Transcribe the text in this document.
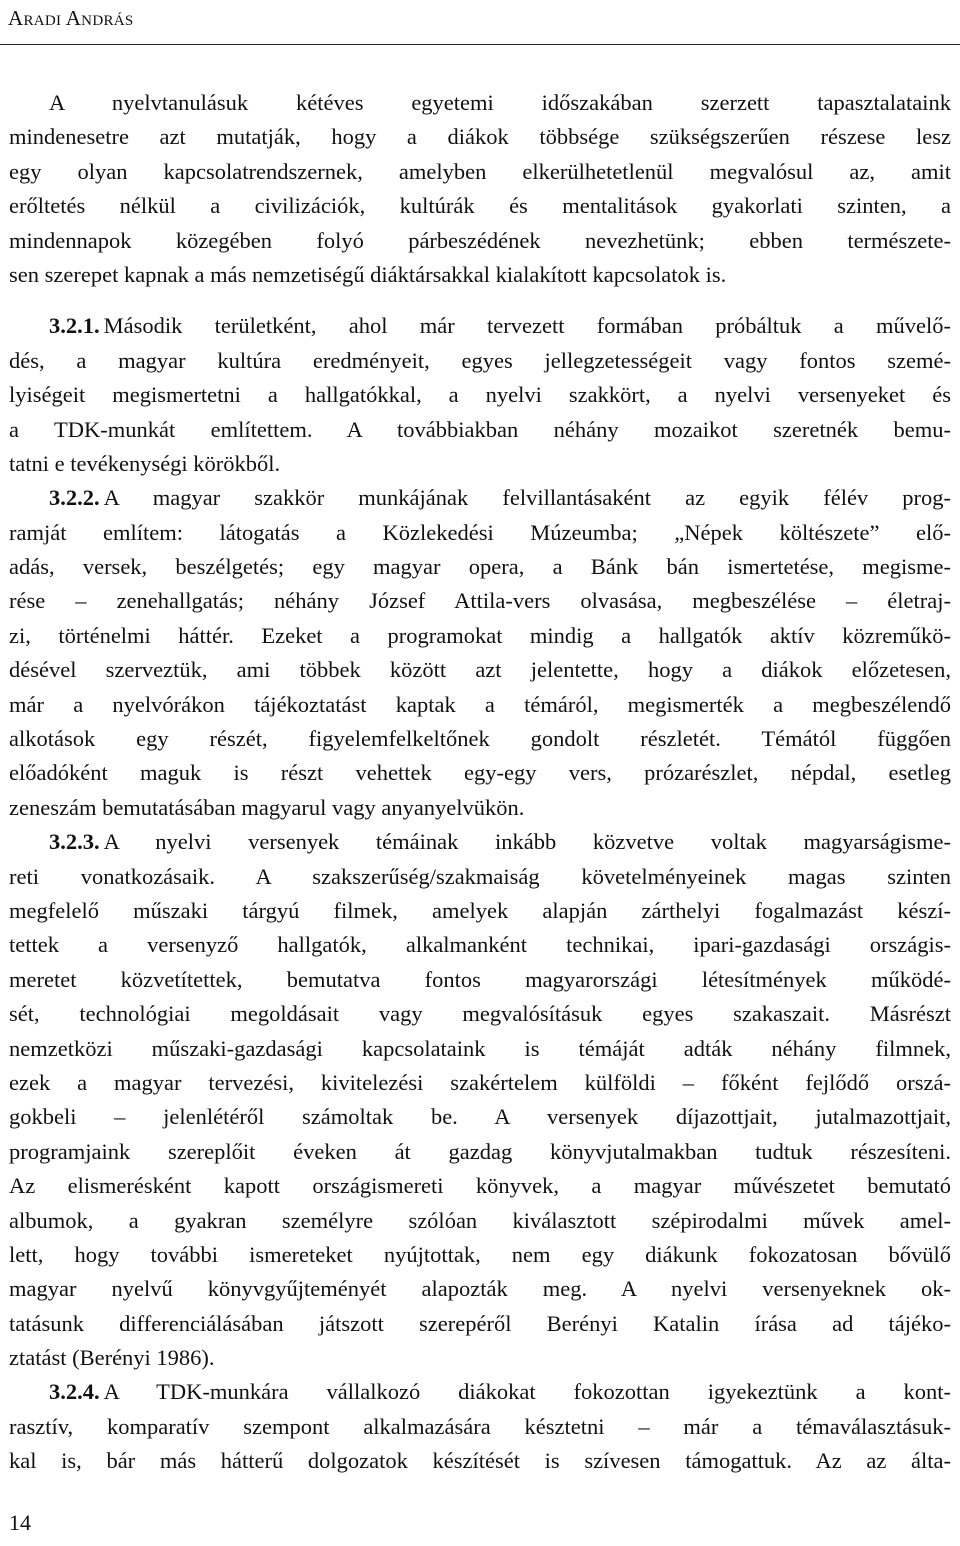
Aradi András
A nyelvtanulásuk kétéves egyetemi időszakában szerzett tapasztalataink
mindenesetre azt mutatják, hogy a diákok többsége szükségszerűen részese lesz
egy olyan kapcsolatrendszernek, amelyben elkerülhetetlenül megvalósul az, amit
erőltetés nélkül a civilizációk, kultúrák és mentalitások gyakorlati szinten, a
mindennapok közegében folyó párbeszédének nevezhetünk; ebben természete-
sen szerepet kapnak a más nemzetiségű diáktársakkal kialakított kapcsolatok is.
3.2.1. Második területként, ahol már tervezett formában próbáltuk a művelő-
dés, a magyar kultúra eredményeit, egyes jellegzetességeit vagy fontos szemé-
lyiségeit megismertetni a hallgatókkal, a nyelvi szakkört, a nyelvi versenyeket és
a TDK-munkát említettem. A továbbiakban néhány mozaikot szeretnék bemu-
tatni e tevékenységi körökből.
3.2.2. A magyar szakkör munkájának felvillantásaként az egyik félév prog-
ramját említem: látogatás a Közlekedési Múzeumba; „Népek költészete” elő-
adás, versek, beszélgetés; egy magyar opera, a Bánk bán ismertetése, megisme-
rése – zenehallgatás; néhány József Attila-vers olvasása, megbeszélése – életraj-
zi, történelmi háttér. Ezeket a programokat mindig a hallgatók aktív közreműkö-
désével szerveztük, ami többek között azt jelentette, hogy a diákok előzetesen,
már a nyelvórákon tájékoztatást kaptak a témáról, megismerték a megbeszélendő
alkotások egy részét, figyelemfelkeltőnek gondolt részletét. Témától függően
előadóként maguk is részt vehettek egy-egy vers, prózarészlet, népdal, esetleg
zeneszám bemutatásában magyarul vagy anyanyelvükön.
3.2.3. A nyelvi versenyek témáinak inkább közvetve voltak magyarságisme-
reti vonatkozásaik. A szakszerűség/szakmaiság követelményeinek magas szinten
megfelelő műszaki tárgyú filmek, amelyek alapján zárthelyi fogalmazást készí-
tettek a versenyző hallgatók, alkalmanként technikai, ipari-gazdasági országis-
meretet közvetítettek, bemutatva fontos magyarországi létesítmények működé-
sét, technológiai megoldásait vagy megvalósításuk egyes szakaszait. Másrészt
nemzetközi műszaki-gazdasági kapcsolataink is témáját adták néhány filmnek,
ezek a magyar tervezési, kivitelezési szakértelem külföldi – főként fejlődő orszá-
gokbeli – jelenlétéről számoltak be. A versenyek díjazottjait, jutalmazottjait,
programjaink szereplőit éveken át gazdag könyvjutalmakban tudtuk részesíteni.
Az elismerésként kapott országismereti könyvek, a magyar művészetet bemutató
albumok, a gyakran személyre szólóan kiválasztott szépirodalmi művek amel-
lett, hogy további ismereteket nyújtottak, nem egy diákunk fokozatosan bővülő
magyar nyelvű könyvgyűjteményét alapozták meg. A nyelvi versenyeknek ok-
tatásunk differenciálásában játszott szerepéről Berényi Katalin írása ad tájéko-
ztatást (Berényi 1986).
3.2.4. A TDK-munkára vállalkozó diákokat fokozottan igyekeztünk a kont-
rasztív, komparatív szempont alkalmazására késztetni – már a témaválasztásuk-
kal is, bár más hátterű dolgozatok készítését is szívesen támogattuk. Az az álta-
14
